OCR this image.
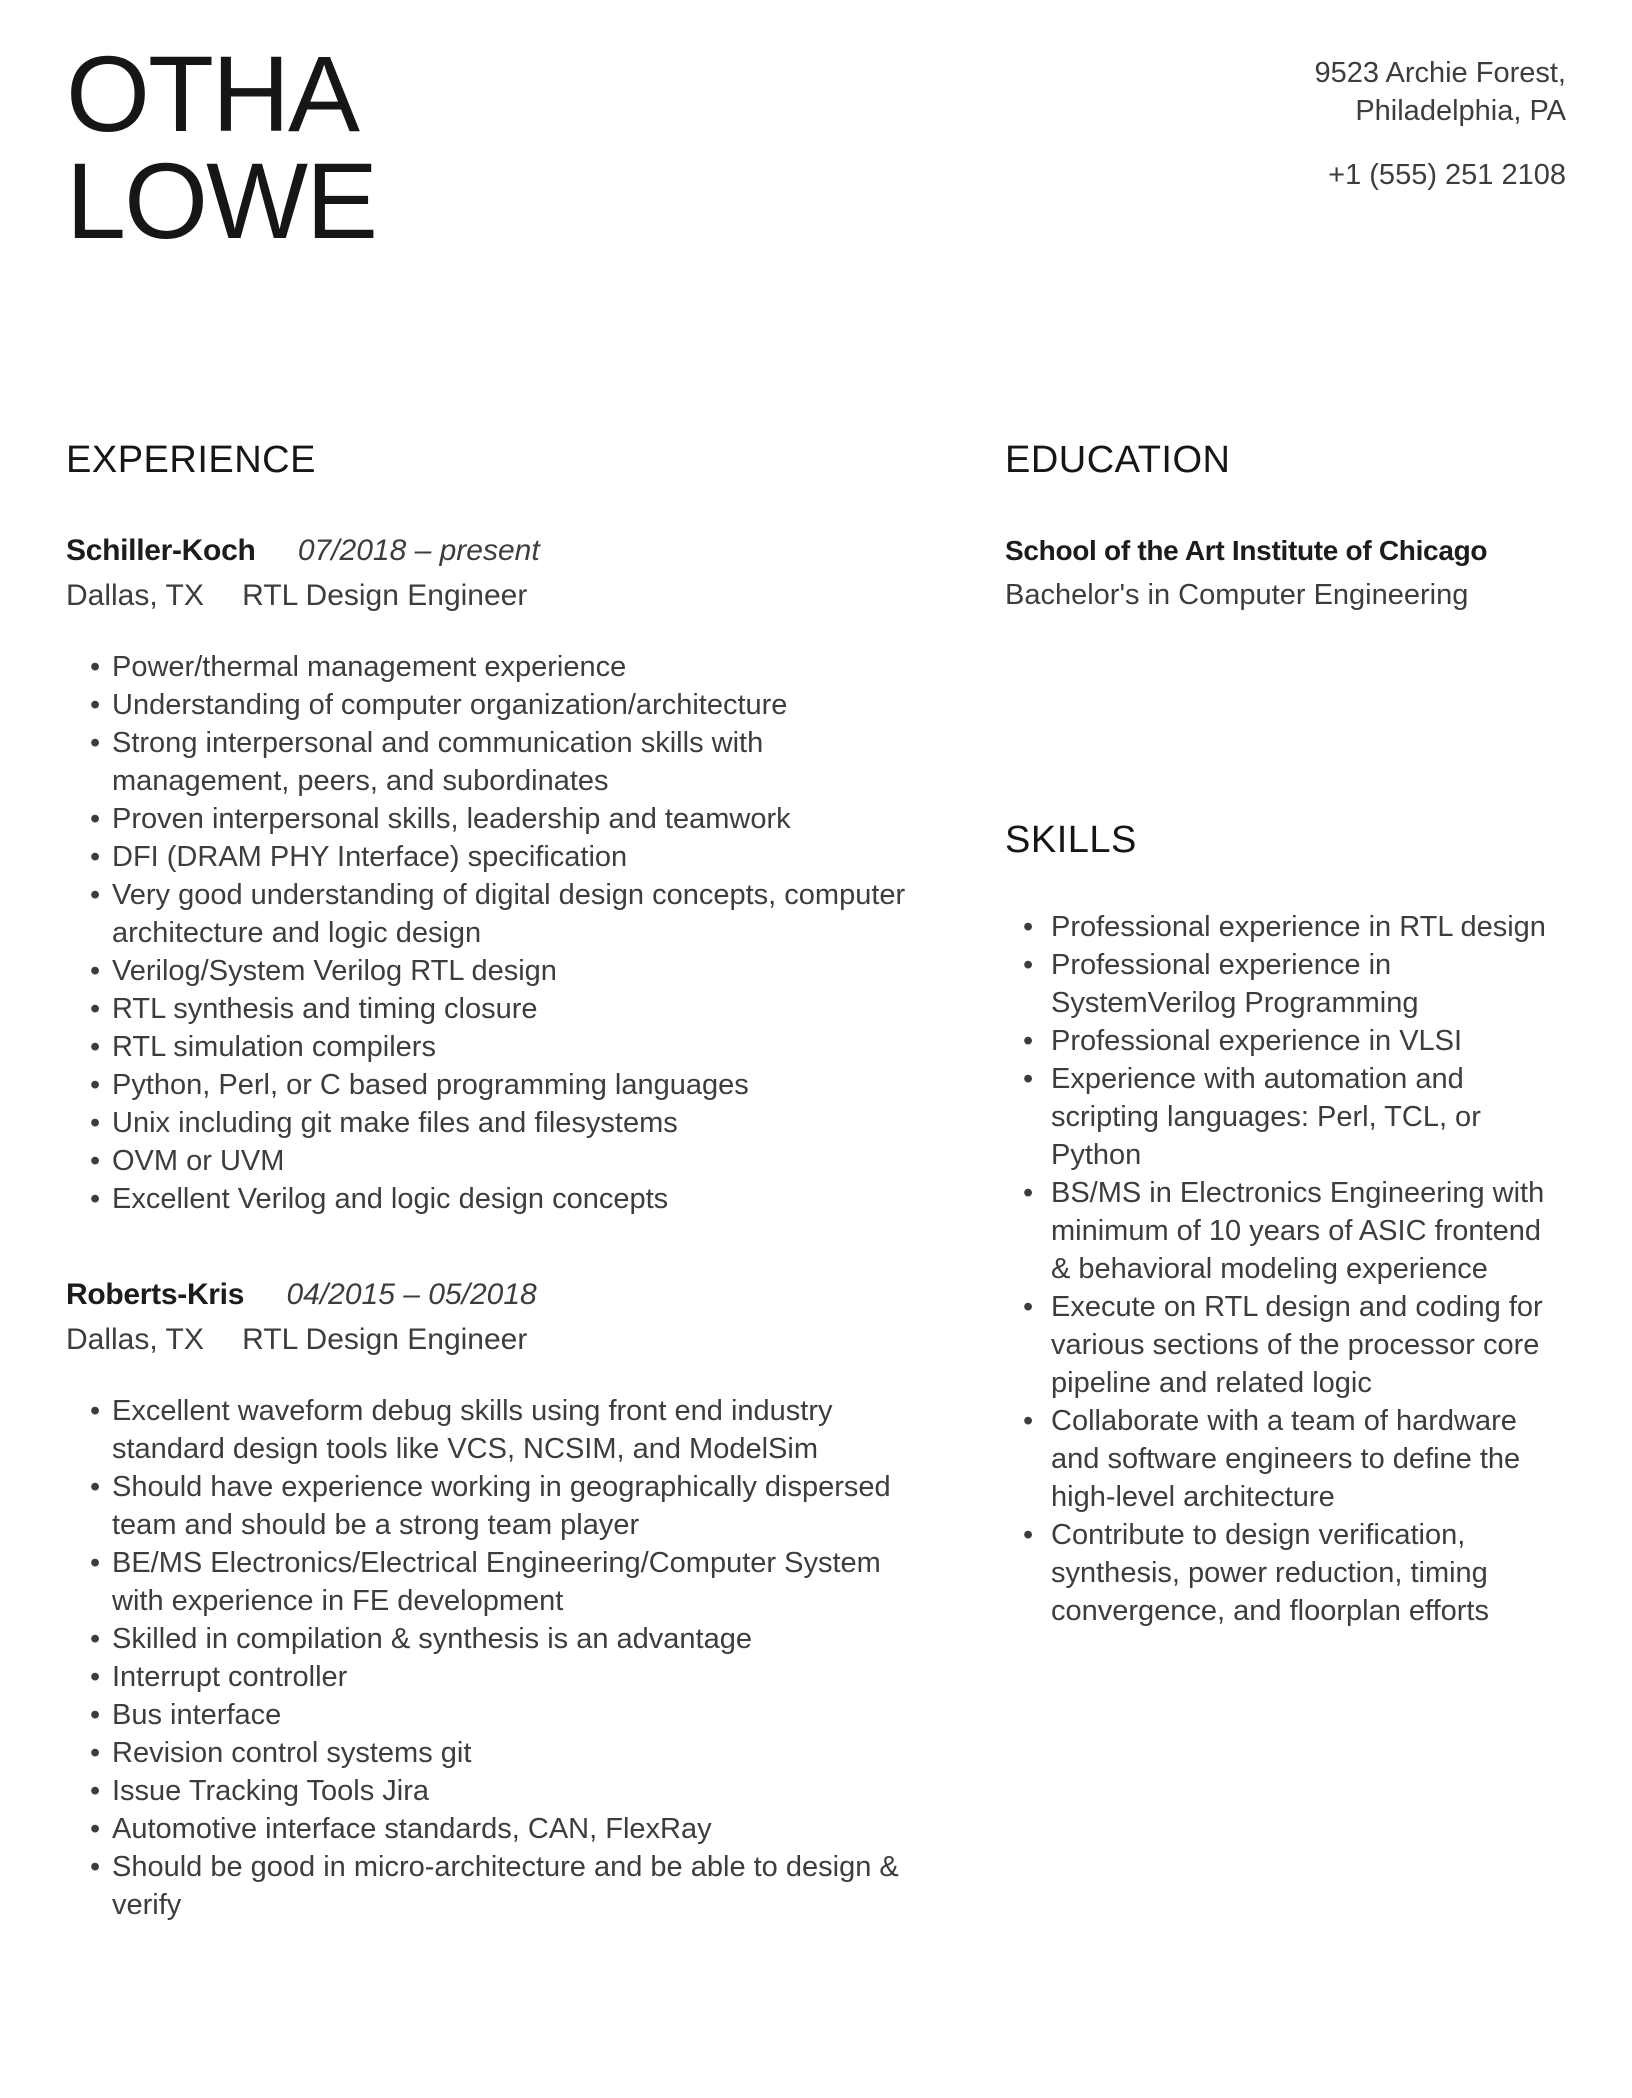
OTHA
LOWE
9523 Archie Forest,
Philadelphia, PA
+1 (555) 251 2108
EXPERIENCE
Schiller-Koch 07/2018 – present
Dallas, TX RTL Design Engineer
• Power/thermal management experience
• Understanding of computer organization/architecture
• Strong interpersonal and communication skills with management, peers, and subordinates
• Proven interpersonal skills, leadership and teamwork
• DFI (DRAM PHY Interface) specification
• Very good understanding of digital design concepts, computer architecture and logic design
• Verilog/System Verilog RTL design
• RTL synthesis and timing closure
• RTL simulation compilers
• Python, Perl, or C based programming languages
• Unix including git make files and filesystems
• OVM or UVM
• Excellent Verilog and logic design concepts
Roberts-Kris 04/2015 – 05/2018
Dallas, TX RTL Design Engineer
• Excellent waveform debug skills using front end industry standard design tools like VCS, NCSIM, and ModelSim
• Should have experience working in geographically dispersed team and should be a strong team player
• BE/MS Electronics/Electrical Engineering/Computer System with experience in FE development
• Skilled in compilation & synthesis is an advantage
• Interrupt controller
• Bus interface
• Revision control systems git
• Issue Tracking Tools Jira
• Automotive interface standards, CAN, FlexRay
• Should be good in micro-architecture and be able to design & verify
EDUCATION
School of the Art Institute of Chicago
Bachelor's in Computer Engineering
SKILLS
• Professional experience in RTL design
• Professional experience in SystemVerilog Programming
• Professional experience in VLSI
• Experience with automation and scripting languages: Perl, TCL, or Python
• BS/MS in Electronics Engineering with minimum of 10 years of ASIC frontend & behavioral modeling experience
• Execute on RTL design and coding for various sections of the processor core pipeline and related logic
• Collaborate with a team of hardware and software engineers to define the high-level architecture
• Contribute to design verification, synthesis, power reduction, timing convergence, and floorplan efforts
